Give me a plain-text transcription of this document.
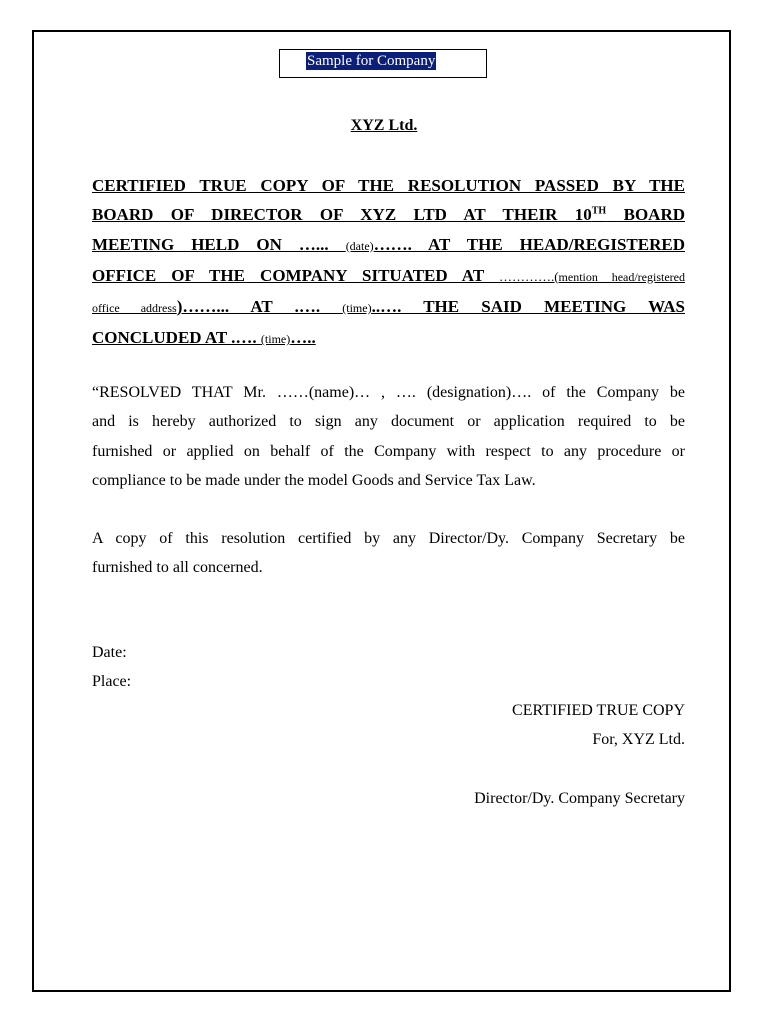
Sample for Company
XYZ Ltd.
CERTIFIED TRUE COPY OF THE RESOLUTION PASSED BY THE
BOARD OF DIRECTOR OF XYZ LTD AT THEIR 10TH BOARD
MEETING HELD ON …... (date)……. AT THE HEAD/REGISTERED
OFFICE OF THE COMPANY SITUATED AT ………….(mention head/registered
office address)……... AT .…. (time)..…. THE SAID MEETING WAS
CONCLUDED AT .…. (time)…..
“RESOLVED THAT Mr. ……(name)… , …. (designation)…. of the Company be
and is hereby authorized to sign any document or application required to be
furnished or applied on behalf of the Company with respect to any procedure or
compliance to be made under the model Goods and Service Tax Law.
A copy of this resolution certified by any Director/Dy. Company Secretary be
furnished to all concerned.
Date:
Place:
CERTIFIED TRUE COPY
For, XYZ Ltd.
Director/Dy. Company Secretary
